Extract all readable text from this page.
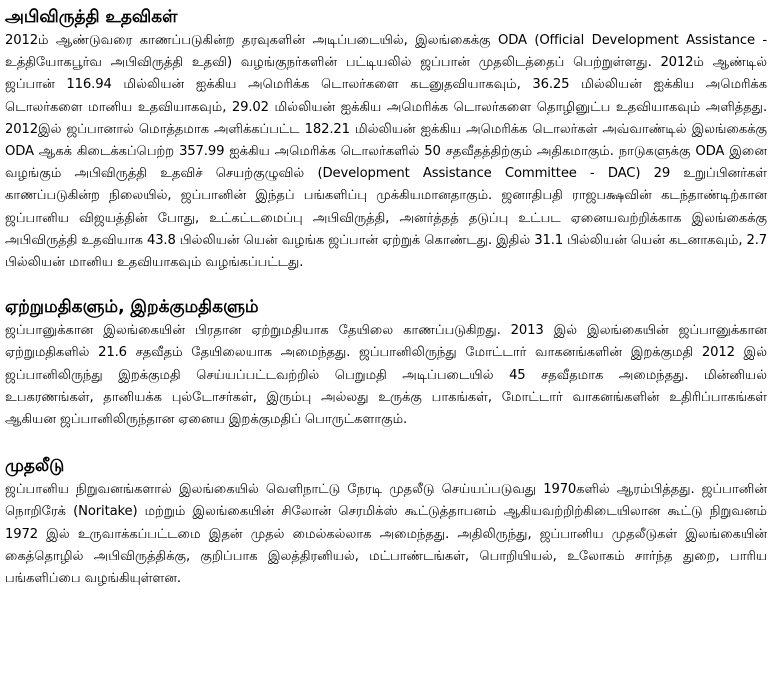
அபிவிருத்தி உதவிகள்

2012ம் ஆண்டுவரை காணப்படுகின்ற தரவுகளின் அடிப்படையில், இலங்கைக்கு ODA (Official Development Assistance - உத்தியோகபூர்வ அபிவிருத்தி உதவி) வழங்குநர்களின் பட்டியலில் ஜப்பான் முதலிடத்தைப் பெற்றுள்ளது. 2012ம் ஆண்டில் ஜப்பான் 116.94 மில்லியன் ஐக்கிய அமெரிக்க டொலர்களை கடனுதவியாகவும், 36.25 மில்லியன் ஐக்கிய அமெரிக்க டொலர்களை மானிய உதவியாகவும், 29.02 மில்லியன் ஐக்கிய அமெரிக்க டொலர்களை தொழினுட்ப உதவியாகவும் அளித்தது. 2012இல் ஜப்பானால் மொத்தமாக அளிக்கப்பட்ட 182.21 மில்லியன் ஐக்கிய அமெரிக்க டொலர்கள் அவ்வாண்டில் இலங்கைக்கு ODA ஆகக் கிடைக்கப்பெற்ற 357.99 ஐக்கிய அமெரிக்க டொலர்களில் 50 சதவீதத்திற்கும் அதிகமாகும். நாடுகளுக்கு ODA இனை வழங்கும் அபிவிருத்தி உதவிச் செயற்குழுவில் (Development Assistance Committee - DAC) 29 உறுப்பினர்கள் காணப்படுகின்ற நிலையில், ஜப்பானின் இந்தப் பங்களிப்பு முக்கியமானதாகும். ஜனாதிபதி ராஜபக்ஷவின் கடந்தாண்டிற்கான ஜப்பானிய விஜயத்தின் போது, உட்கட்டமைப்பு அபிவிருத்தி, அனர்த்தத் தடுப்பு உட்பட ஏனையவற்றிக்காக இலங்கைக்கு அபிவிருத்தி உதவியாக 43.8 பில்லியன் யென் வழங்க ஜப்பான் ஏற்றுக் கொண்டது. இதில் 31.1 பில்லியன் யென் கடனாகவும், 2.7 பில்லியன் மானிய உதவியாகவும் வழங்கப்பட்டது.

ஏற்றுமதிகளும், இறக்குமதிகளும்

ஜப்பானுக்கான இலங்கையின் பிரதான ஏற்றுமதியாக தேயிலை காணப்படுகிறது. 2013 இல் இலங்கையின் ஜப்பானுக்கான ஏற்றுமதிகளில் 21.6 சதவீதம் தேயிலையாக அமைந்தது. ஜப்பானிலிருந்து மோட்டார் வாகனங்களின் இறக்குமதி 2012 இல் ஜப்பானிலிருந்து இறக்குமதி செய்யப்பட்டவற்றில் பெறுமதி அடிப்படையில் 45 சதவீதமாக அமைந்தது. மின்னியல் உபகரணங்கள், தானியக்க புல்டோசர்கள், இரும்பு அல்லது உருக்கு பாகங்கள், மோட்டார் வாகனங்களின் உதிரிப்பாகங்கள் ஆகியன ஜப்பானிலிருந்தான ஏனைய இறக்குமதிப் பொருட்களாகும்.

முதலீடு

ஜப்பானிய நிறுவனங்களால் இலங்கையில் வெளிநாட்டு நேரடி முதலீடு செய்யப்படுவது 1970களில் ஆரம்பித்தது. ஜப்பானின் நொறிரேக் (Noritake) மற்றும் இலங்கையின் சிலோன் செரமிக்ஸ் கூட்டுத்தாபனம் ஆகியவற்றிற்கிடையிலான கூட்டு நிறுவனம் 1972 இல் உருவாக்கப்பட்டமை இதன் முதல் மைல்கல்லாக அமைந்தது. அதிலிருந்து, ஜப்பானிய முதலீடுகள் இலங்கையின் கைத்தொழில் அபிவிருத்திக்கு, குறிப்பாக இலத்திரனியல், மட்பாண்டங்கள், பொறியியல், உலோகம் சார்ந்த துறை, பாரிய பங்களிப்பை வழங்கியுள்ளன.
